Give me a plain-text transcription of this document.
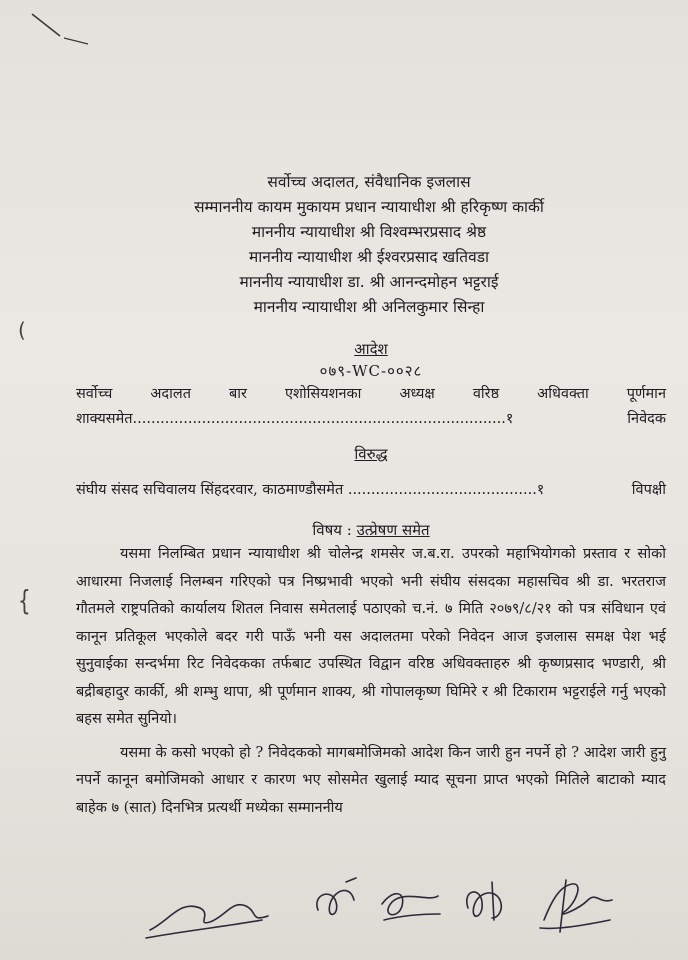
(
{
सर्वोच्च अदालत, संवैधानिक इजलास
सम्माननीय कायम मुकायम प्रधान न्यायाधीश श्री हरिकृष्ण कार्की
माननीय न्यायाधीश श्री विश्वम्भरप्रसाद श्रेष्ठ
माननीय न्यायाधीश श्री ईश्वरप्रसाद खतिवडा
माननीय न्यायाधीश डा. श्री आनन्दमोहन भट्टराई
माननीय न्यायाधीश श्री अनिलकुमार सिन्हा
आदेश
०७९-WC-००२८
सर्वोच्च अदालत बार एशोसियशनका अध्यक्ष वरिष्ठ अधिवक्ता पूर्णमान
शाक्यसमेत.................................................................................१	निवेदक
विरुद्ध
संघीय संसद सचिवालय सिंहदरवार, काठमाण्डौसमेत .........................................१	विपक्षी
विषय : उत्प्रेषण समेत

यसमा निलम्बित प्रधान न्यायाधीश श्री चोलेन्द्र शमसेर ज.ब.रा. उपरको महाभियोगको प्रस्ताव र सोको आधारमा निजलाई निलम्बन गरिएको पत्र निष्प्रभावी भएको भनी संघीय संसदका महासचिव श्री डा. भरतराज गौतमले राष्ट्रपतिको कार्यालय शितल निवास समेतलाई पठाएको च.नं. ७ मिति २०७९/८/२१ को पत्र संविधान एवं कानून प्रतिकूल भएकोले बदर गरी पाऊँ भनी यस अदालतमा परेको निवेदन आज इजलास समक्ष पेश भई सुनुवाईका सन्दर्भमा रिट निवेदकका तर्फबाट उपस्थित विद्वान वरिष्ठ अधिवक्ताहरु श्री कृष्णप्रसाद भण्डारी, श्री बद्रीबहादुर कार्की, श्री शम्भु थापा, श्री पूर्णमान शाक्य, श्री गोपालकृष्ण घिमिरे र श्री टिकाराम भट्टराईले गर्नु भएको बहस समेत सुनियो।

यसमा के कसो भएको हो ? निवेदकको मागबमोजिमको आदेश किन जारी हुन नपर्ने हो ? आदेश जारी हुनु नपर्ने कानून बमोजिमको आधार र कारण भए सोसमेत खुलाई म्याद सूचना प्राप्त भएको मितिले बाटाको म्याद बाहेक ७ (सात) दिनभित्र प्रत्यर्थी मध्येका सम्माननीय
